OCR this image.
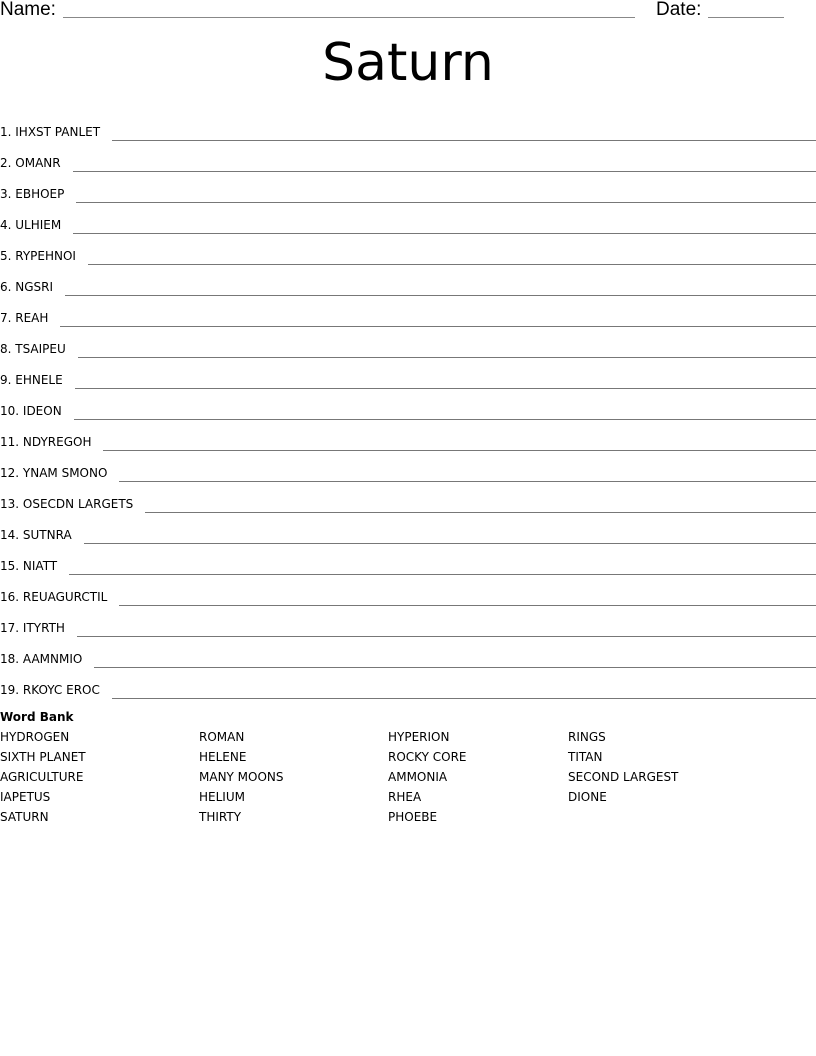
Name:	Date:
Saturn
1. IHXST PANLET
2. OMANR
3. EBHOEP
4. ULHIEM
5. RYPEHNOI
6. NGSRI
7. REAH
8. TSAIPEU
9. EHNELE
10. IDEON
11. NDYREGOH
12. YNAM SMONO
13. OSECDN LARGETS
14. SUTNRA
15. NIATT
16. REUAGURCTIL
17. ITYRTH
18. AAMNMIO
19. RKOYC EROC
Word Bank
HYDROGEN
SIXTH PLANET
AGRICULTURE
IAPETUS
SATURN
ROMAN
HELENE
MANY MOONS
HELIUM
THIRTY
HYPERION
ROCKY CORE
AMMONIA
RHEA
PHOEBE
RINGS
TITAN
SECOND LARGEST
DIONE
